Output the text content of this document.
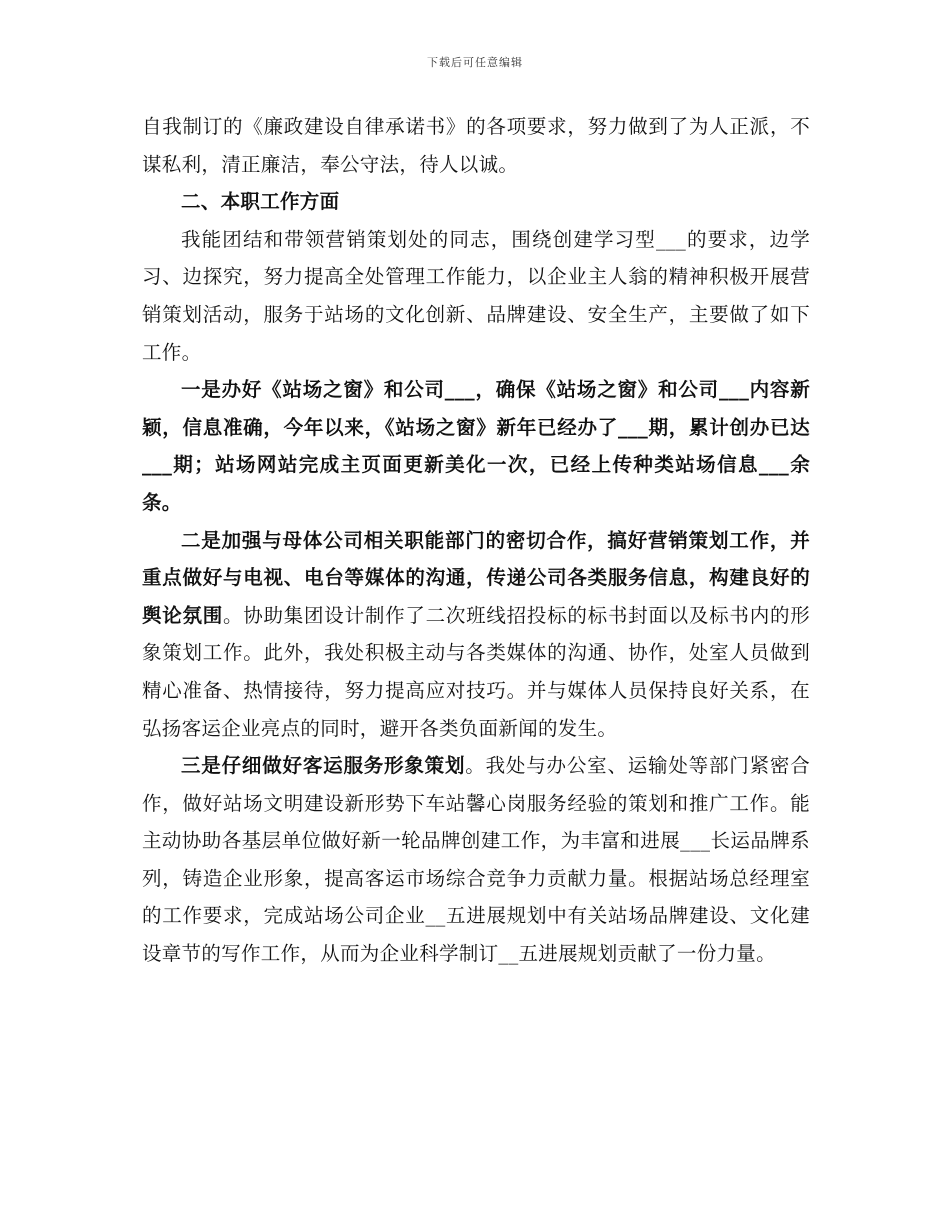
下载后可任意编辑

自我制订的《廉政建设自律承诺书》的各项要求，努力做到了为人正派，不谋私利，清正廉洁，奉公守法，待人以诚。

二、本职工作方面

我能团结和带领营销策划处的同志，围绕创建学习型___的要求，边学习、边探究，努力提高全处管理工作能力，以企业主人翁的精神积极开展营销策划活动，服务于站场的文化创新、品牌建设、安全生产，主要做了如下工作。

一是办好《站场之窗》和公司___，确保《站场之窗》和公司___内容新颖，信息准确，今年以来，《站场之窗》新年已经办了___期，累计创办已达___期；站场网站完成主页面更新美化一次，已经上传种类站场信息___余条。

二是加强与母体公司相关职能部门的密切合作，搞好营销策划工作，并重点做好与电视、电台等媒体的沟通，传递公司各类服务信息，构建良好的舆论氛围。协助集团设计制作了二次班线招投标的标书封面以及标书内的形象策划工作。此外，我处积极主动与各类媒体的沟通、协作，处室人员做到精心准备、热情接待，努力提高应对技巧。并与媒体人员保持良好关系，在弘扬客运企业亮点的同时，避开各类负面新闻的发生。

三是仔细做好客运服务形象策划。我处与办公室、运输处等部门紧密合作，做好站场文明建设新形势下车站馨心岗服务经验的策划和推广工作。能主动协助各基层单位做好新一轮品牌创建工作，为丰富和进展___长运品牌系列，铸造企业形象，提高客运市场综合竞争力贡献力量。根据站场总经理室的工作要求，完成站场公司企业__五进展规划中有关站场品牌建设、文化建设章节的写作工作，从而为企业科学制订__五进展规划贡献了一份力量。
